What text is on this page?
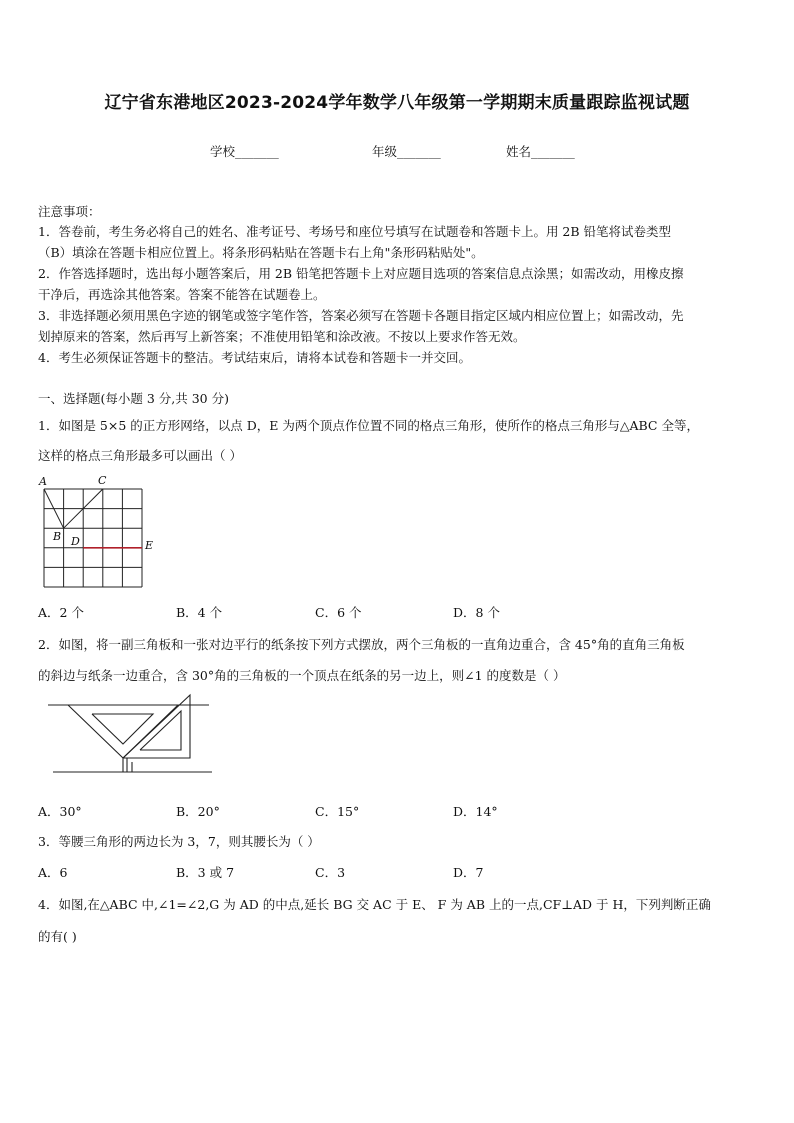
辽宁省东港地区2023-2024学年数学八年级第一学期期末质量跟踪监视试题
学校_______	年级_______	姓名_______
注意事项：
1．答卷前，考生务必将自己的姓名、准考证号、考场号和座位号填写在试题卷和答题卡上。用 2B 铅笔将试卷类型
（B）填涂在答题卡相应位置上。将条形码粘贴在答题卡右上角"条形码粘贴处"。
2．作答选择题时，选出每小题答案后，用 2B 铅笔把答题卡上对应题目选项的答案信息点涂黑；如需改动，用橡皮擦
干净后，再选涂其他答案。答案不能答在试题卷上。
3．非选择题必须用黑色字迹的钢笔或签字笔作答，答案必须写在答题卡各题目指定区域内相应位置上；如需改动，先
划掉原来的答案，然后再写上新答案；不准使用铅笔和涂改液。不按以上要求作答无效。
4．考生必须保证答题卡的整洁。考试结束后，请将本试卷和答题卡一并交回。
一、选择题(每小题 3 分,共 30 分)
1．如图是 5×5 的正方形网络，以点 D，E 为两个顶点作位置不同的格点三角形，使所作的格点三角形与△ABC 全等，
这样的格点三角形最多可以画出（ ）
A	C
B D	E
A．2 个	B．4 个	C．6 个	D．8 个
2．如图，将一副三角板和一张对边平行的纸条按下列方式摆放，两个三角板的一直角边重合，含 45°角的直角三角板
的斜边与纸条一边重合，含 30°角的三角板的一个顶点在纸条的另一边上，则∠1 的度数是（ ）
A．30°	B．20°	C．15°	D．14°
3．等腰三角形的两边长为 3，7，则其腰长为（ ）
A．6	B．3 或 7	C．3	D．7
4．如图,在△ABC 中,∠1=∠2,G 为 AD 的中点,延长 BG 交 AC 于 E、 F 为 AB 上的一点,CF⊥AD 于 H，下列判断正确
的有( )
